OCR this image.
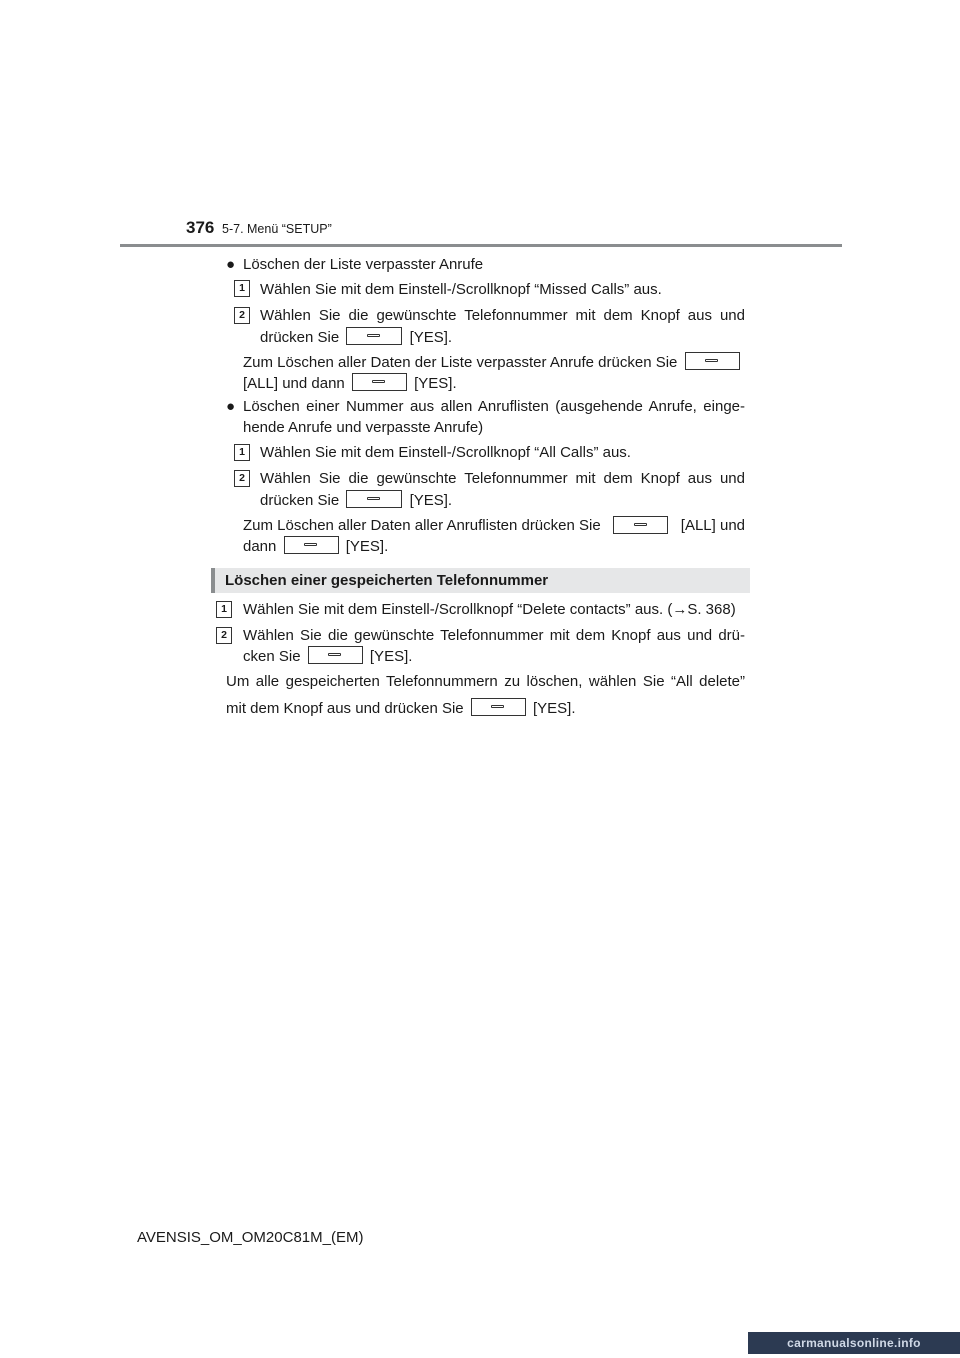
376 5-7. Menü “SETUP”
● Löschen der Liste verpasster Anrufe
1	Wählen Sie mit dem Einstell-/Scrollknopf “Missed Calls” aus.
2	Wählen Sie die gewünschte Telefonnummer mit dem Knopf aus und
drücken Sie	[YES].
Zum Löschen aller Daten der Liste verpasster Anrufe drücken Sie
[ALL] und dann	[YES].
● Löschen einer Nummer aus allen Anruflisten (ausgehende Anrufe, einge-
hende Anrufe und verpasste Anrufe)
1	Wählen Sie mit dem Einstell-/Scrollknopf “All Calls” aus.
2	Wählen Sie die gewünschte Telefonnummer mit dem Knopf aus und
drücken Sie	[YES].
Zum Löschen aller Daten aller Anruflisten drücken Sie	[ALL] und
dann	[YES].
Löschen einer gespeicherten Telefonnummer
1	Wählen Sie mit dem Einstell-/Scrollknopf “Delete contacts” aus. (→S. 368)
2	Wählen Sie die gewünschte Telefonnummer mit dem Knopf aus und drü-
cken Sie	[YES].
Um alle gespeicherten Telefonnummern zu löschen, wählen Sie “All delete”
mit dem Knopf aus und drücken Sie	[YES].
AVENSIS_OM_OM20C81M_(EM)
carmanualsonline.info
